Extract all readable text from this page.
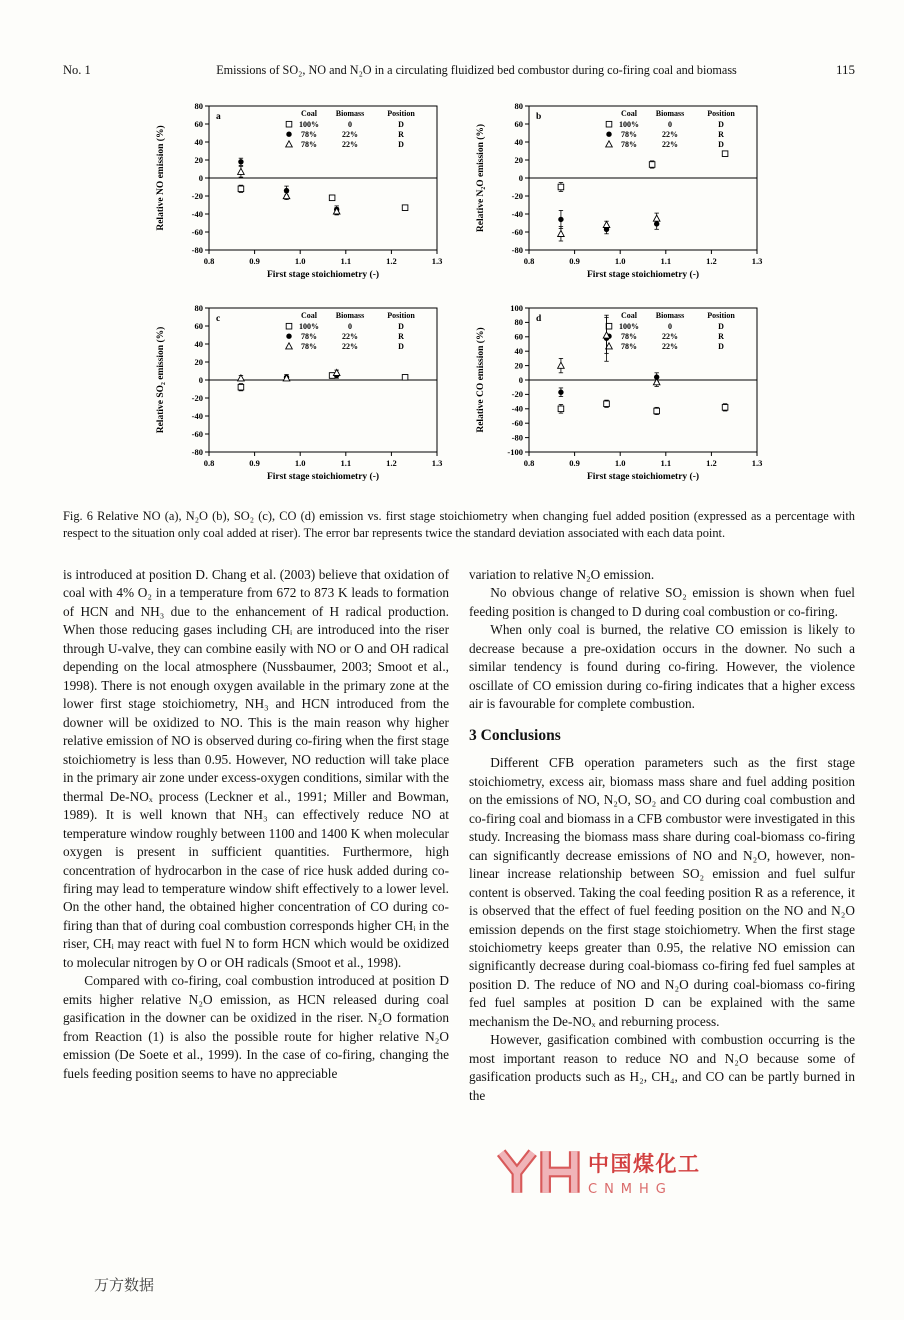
No. 1	Emissions of SO₂, NO and N₂O in a circulating fluidized bed combustor during co-firing coal and biomass	115
-80
-60
-40
-20
0
20
40
60
80
0.8	0.9	1.0	1.1	1.2	1.3
First stage stoichiometry (-)
Relative NO emission (%)
a	Coal Biomass	Position
100%	0	D
78%	22%	R
78%	22%	D
-80
-60
-40
-20
0
20
40
60
80
0.8	0.9	1.0	1.1	1.2	1.3
First stage stoichiometry (-)
Relative N₂O emission (%)
b	Coal Biomass	Position
100%	0	D
78%	22%	R
78%	22%	D
-80
-60
-40
-20
0
20
40
60
80
0.8	0.9	1.0	1.1	1.2	1.3
First stage stoichiometry (-)
Relative SO₂ emission (%)
c	Coal Biomass	Position
100%	0	D
78%	22%	R
78%	22%	D
-100
-80
-60
-40
-20
0
20
40
60
80
100
0.8	0.9	1.0	1.1	1.2	1.3
First stage stoichiometry (-)
Relative CO emission (%)
d	Coal Biomass	Position
100%	0	D
78%	22%	R
78%	22%	D

Fig. 6 Relative NO (a), N₂O (b), SO₂ (c), CO (d) emission vs. first stage stoichiometry when changing fuel added position (expressed as a percentage with respect to the situation only coal added at riser). The error bar represents twice the standard deviation associated with each data point.

is introduced at position D. Chang et al. (2003) believe that oxidation of coal with 4% O₂ in a temperature from 672 to 873 K leads to formation of HCN and NH₃ due to the enhancement of H radical production. When those reducing gases including CHᵢ are introduced into the riser through U-valve, they can combine easily with NO or O and OH radical depending on the local atmosphere (Nussbaumer, 2003; Smoot et al., 1998). There is not enough oxygen available in the primary zone at the lower first stage stoichiometry, NH₃ and HCN introduced from the downer will be oxidized to NO. This is the main reason why higher relative emission of NO is observed during co-firing when the first stage stoichiometry is less than 0.95. However, NO reduction will take place in the primary air zone under excess-oxygen conditions, similar with the thermal De-NOₓ process (Leckner et al., 1991; Miller and Bowman, 1989). It is well known that NH₃ can effectively reduce NO at temperature window roughly between 1100 and 1400 K when molecular oxygen is present in sufficient quantities. Furthermore, high concentration of hydrocarbon in the case of rice husk added during co-firing may lead to temperature window shift effectively to a lower level. On the other hand, the obtained higher concentration of CO during co-firing than that of during coal combustion corresponds higher CHᵢ in the riser, CHᵢ may react with fuel N to form HCN which would be oxidized to molecular nitrogen by O or OH radicals (Smoot et al., 1998).

Compared with co-firing, coal combustion introduced at position D emits higher relative N₂O emission, as HCN released during coal gasification in the downer can be oxidized in the riser. N₂O formation from Reaction (1) is also the possible route for higher relative N₂O emission (De Soete et al., 1999). In the case of co-firing, changing the fuels feeding position seems to have no appreciable

variation to relative N₂O emission.

No obvious change of relative SO₂ emission is shown when fuel feeding position is changed to D during coal combustion or co-firing.

When only coal is burned, the relative CO emission is likely to decrease because a pre-oxidation occurs in the downer. No such a similar tendency is found during co-firing. However, the violence oscillate of CO emission during co-firing indicates that a higher excess air is favourable for complete combustion.

3 Conclusions

Different CFB operation parameters such as the first stage stoichiometry, excess air, biomass mass share and fuel adding position on the emissions of NO, N₂O, SO₂ and CO during coal combustion and co-firing coal and biomass in a CFB combustor were investigated in this study. Increasing the biomass mass share during coal-biomass co-firing can significantly decrease emissions of NO and N₂O, however, non-linear increase relationship between SO₂ emission and fuel sulfur content is observed. Taking the coal feeding position R as a reference, it is observed that the effect of fuel feeding position on the NO and N₂O emission depends on the first stage stoichiometry. When the first stage stoichiometry keeps greater than 0.95, the relative NO emission can significantly decrease during coal-biomass co-firing fed fuel samples at position D. The reduce of NO and N₂O during coal-biomass co-firing fed fuel samples at position D can be explained with the same mechanism the De-NOₓ and reburning process.

However, gasification combined with combustion occurring is the most important reason to reduce NO and N₂O because some of gasification products such as H₂, CH₄, and CO can be partly burned in the

中国煤化工
CNMHG
万方数据
